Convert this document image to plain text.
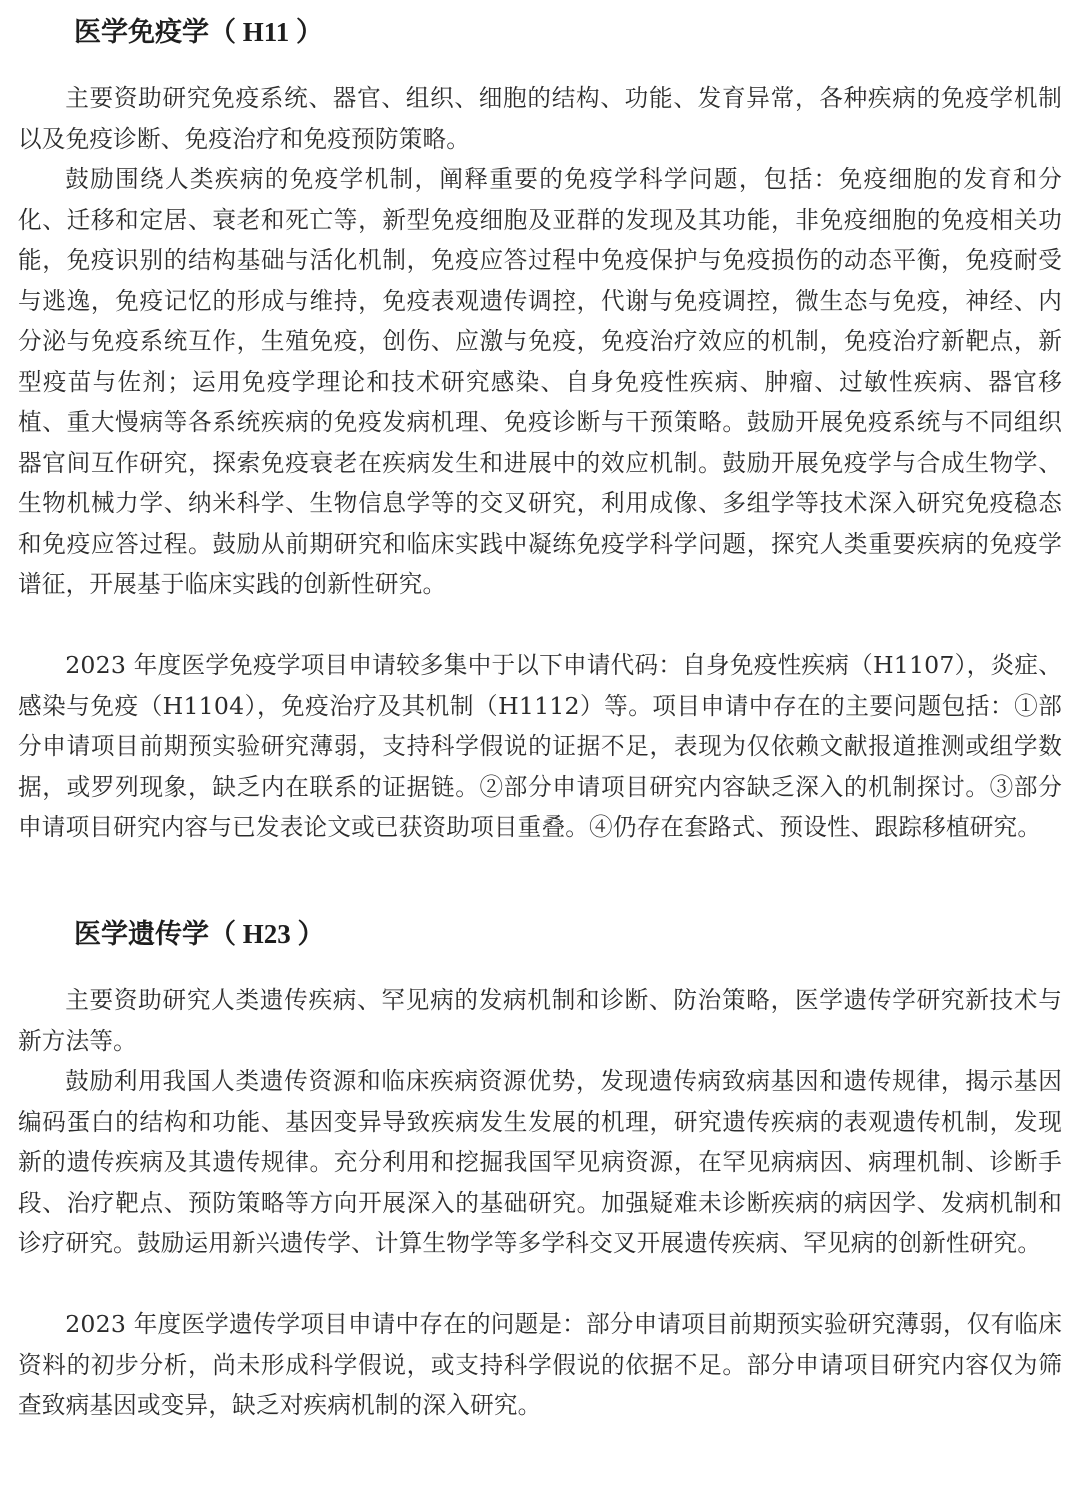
医学免疫学（ H11 ）

主要资助研究免疫系统、器官、组织、细胞的结构、功能、发育异常，各种疾病的免疫学机制以及免疫诊断、免疫治疗和免疫预防策略。

鼓励围绕人类疾病的免疫学机制，阐释重要的免疫学科学问题，包括：免疫细胞的发育和分化、迁移和定居、衰老和死亡等，新型免疫细胞及亚群的发现及其功能，非免疫细胞的免疫相关功能，免疫识别的结构基础与活化机制，免疫应答过程中免疫保护与免疫损伤的动态平衡，免疫耐受与逃逸，免疫记忆的形成与维持，免疫表观遗传调控，代谢与免疫调控，微生态与免疫，神经、内分泌与免疫系统互作，生殖免疫，创伤、应激与免疫，免疫治疗效应的机制，免疫治疗新靶点，新型疫苗与佐剂；运用免疫学理论和技术研究感染、自身免疫性疾病、肿瘤、过敏性疾病、器官移植、重大慢病等各系统疾病的免疫发病机理、免疫诊断与干预策略。鼓励开展免疫系统与不同组织器官间互作研究，探索免疫衰老在疾病发生和进展中的效应机制。鼓励开展免疫学与合成生物学、生物机械力学、纳米科学、生物信息学等的交叉研究，利用成像、多组学等技术深入研究免疫稳态和免疫应答过程。鼓励从前期研究和临床实践中凝练免疫学科学问题，探究人类重要疾病的免疫学谱征，开展基于临床实践的创新性研究。

2023 年度医学免疫学项目申请较多集中于以下申请代码：自身免疫性疾病（H1107），炎症、感染与免疫（H1104），免疫治疗及其机制（H1112）等。项目申请中存在的主要问题包括：①部分申请项目前期预实验研究薄弱，支持科学假说的证据不足，表现为仅依赖文献报道推测或组学数据，或罗列现象，缺乏内在联系的证据链。②部分申请项目研究内容缺乏深入的机制探讨。③部分申请项目研究内容与已发表论文或已获资助项目重叠。④仍存在套路式、预设性、跟踪移植研究。

医学遗传学（ H23 ）

主要资助研究人类遗传疾病、罕见病的发病机制和诊断、防治策略，医学遗传学研究新技术与新方法等。

鼓励利用我国人类遗传资源和临床疾病资源优势，发现遗传病致病基因和遗传规律，揭示基因编码蛋白的结构和功能、基因变异导致疾病发生发展的机理，研究遗传疾病的表观遗传机制，发现新的遗传疾病及其遗传规律。充分利用和挖掘我国罕见病资源，在罕见病病因、病理机制、诊断手段、治疗靶点、预防策略等方向开展深入的基础研究。加强疑难未诊断疾病的病因学、发病机制和诊疗研究。鼓励运用新兴遗传学、计算生物学等多学科交叉开展遗传疾病、罕见病的创新性研究。

2023 年度医学遗传学项目申请中存在的问题是：部分申请项目前期预实验研究薄弱，仅有临床资料的初步分析，尚未形成科学假说，或支持科学假说的依据不足。部分申请项目研究内容仅为筛查致病基因或变异，缺乏对疾病机制的深入研究。
